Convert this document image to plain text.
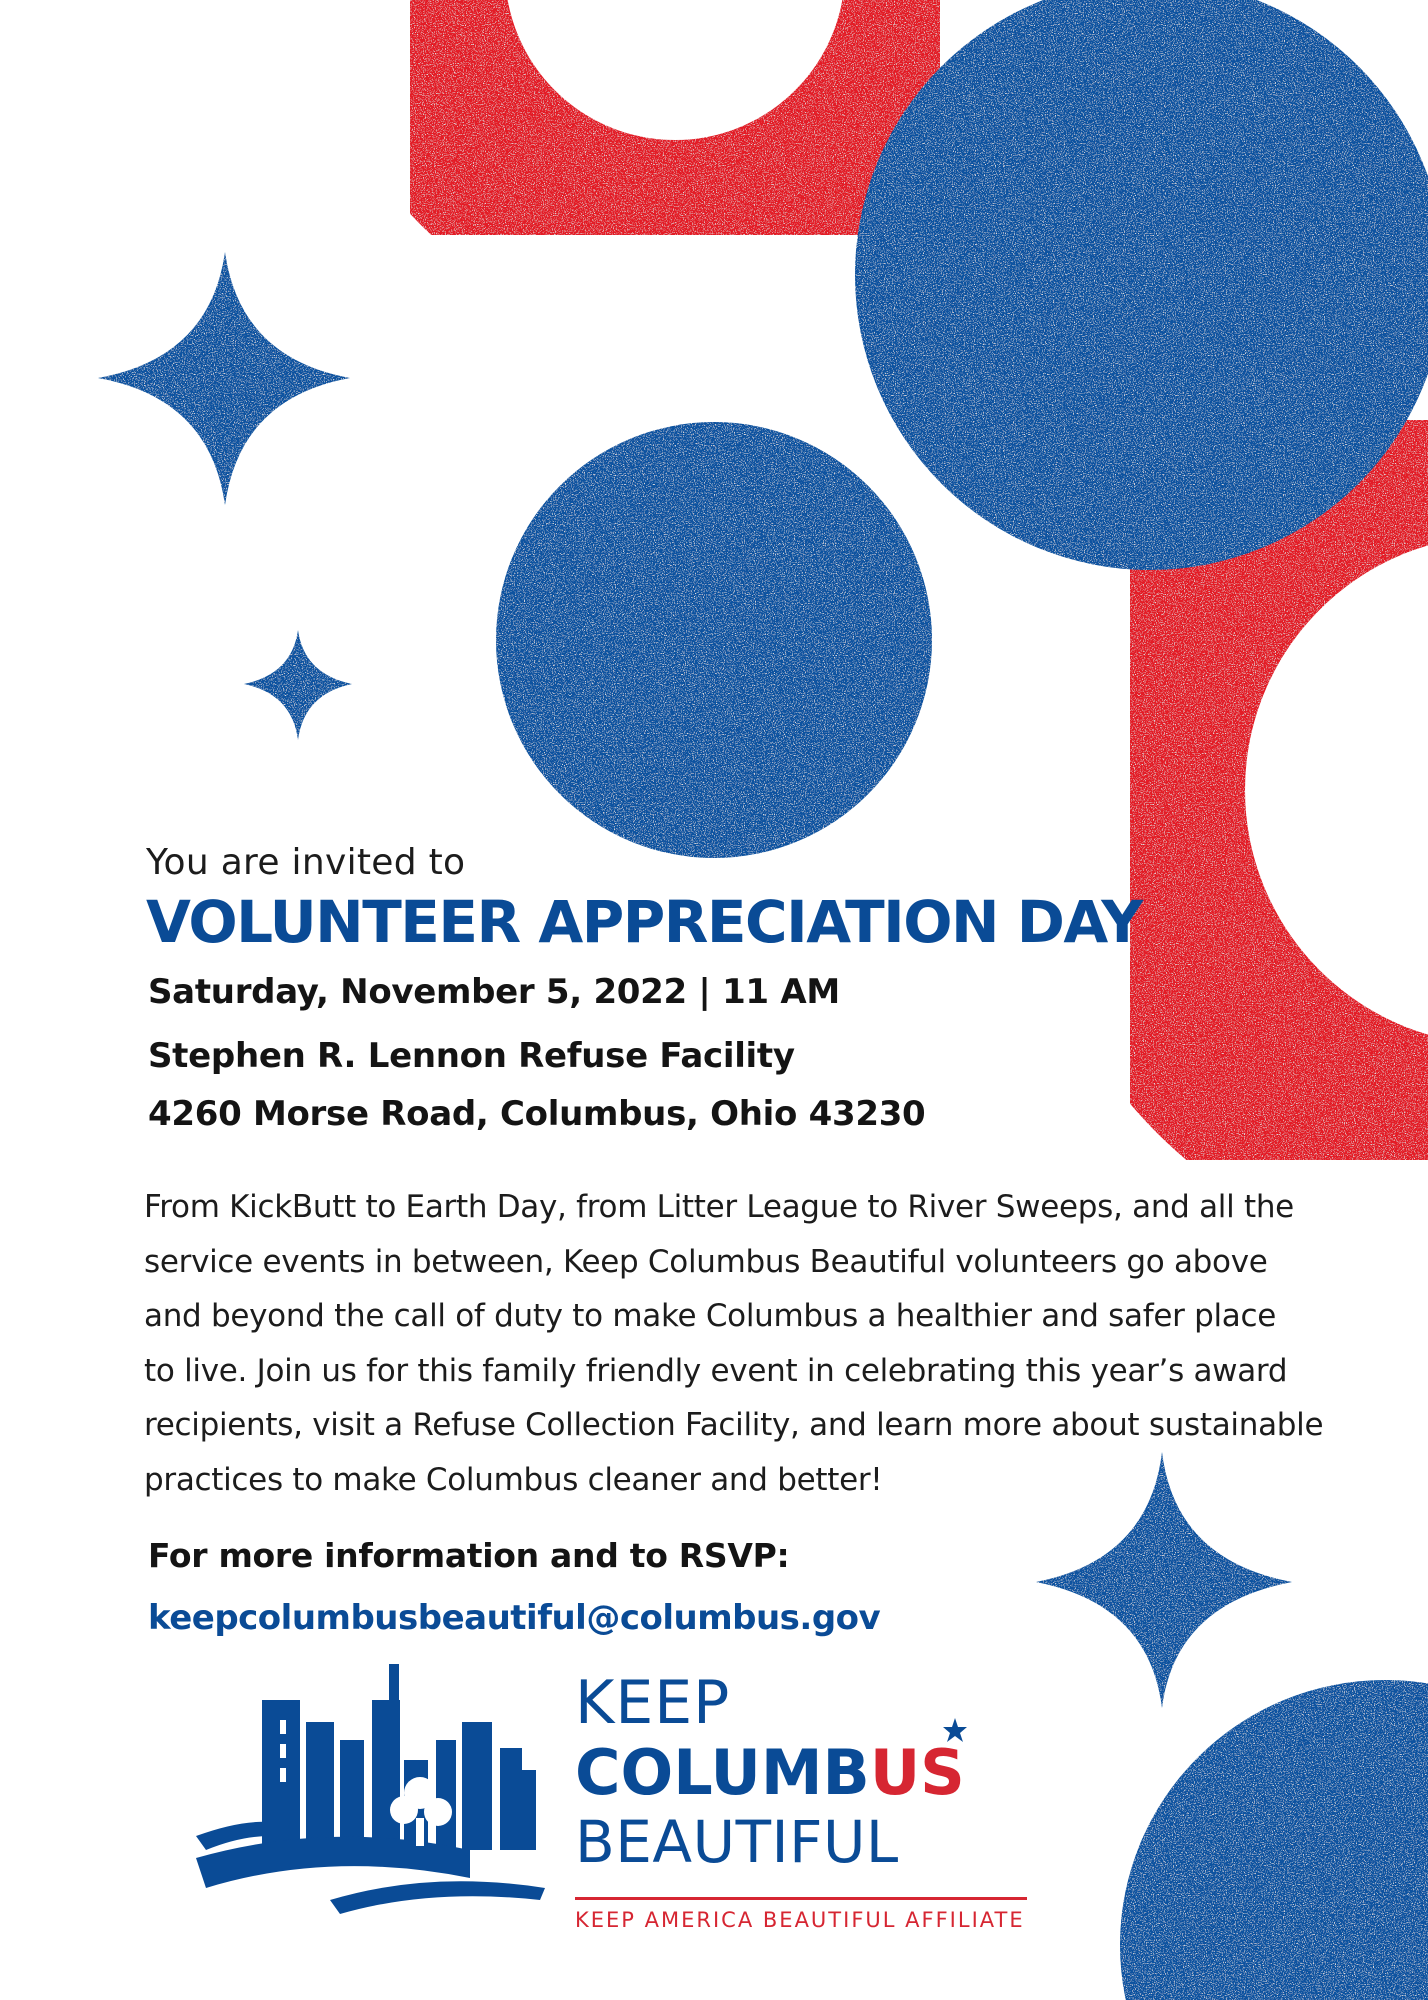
You are invited to
VOLUNTEER APPRECIATION DAY
Saturday, November 5, 2022 | 11 AM
Stephen R. Lennon Refuse Facility
4260 Morse Road, Columbus, Ohio 43230
From KickButt to Earth Day, from Litter League to River Sweeps, and all the
service events in between, Keep Columbus Beautiful volunteers go above
and beyond the call of duty to make Columbus a healthier and safer place
to live. Join us for this family friendly event in celebrating this year’s award
recipients, visit a Refuse Collection Facility, and learn more about sustainable
practices to make Columbus cleaner and better!
For more information and to RSVP:
keepcolumbusbeautiful@columbus.gov
KEEP
COLUMBUS
BEAUTIFUL
KEEP AMERICA BEAUTIFUL AFFILIATE
